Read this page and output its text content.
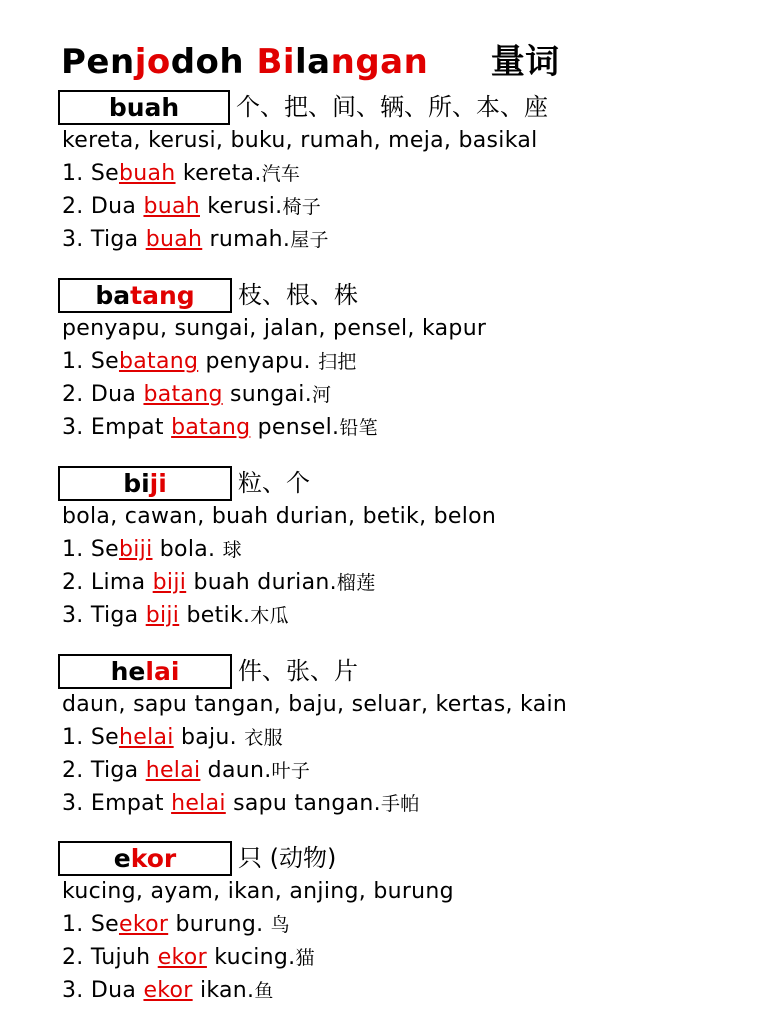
Penjodoh Bilangan 量词
buah	个、把、间、辆、所、本、座
kereta, kerusi, buku, rumah, meja, basikal
1. Sebuah kereta.汽车
2. Dua buah kerusi.椅子
3. Tiga buah rumah.屋子
batang	枝、根、株
penyapu, sungai, jalan, pensel, kapur
1. Sebatang penyapu. 扫把
2. Dua batang sungai.河
3. Empat batang pensel.铅笔
biji	粒、个
bola, cawan, buah durian, betik, belon
1. Sebiji bola. 球
2. Lima biji buah durian.榴莲
3. Tiga biji betik.木瓜
helai	件、张、片
daun, sapu tangan, baju, seluar, kertas, kain
1. Sehelai baju. 衣服
2. Tiga helai daun.叶子
3. Empat helai sapu tangan.手帕
ekor	只 (动物)
kucing, ayam, ikan, anjing, burung
1. Seekor burung. 鸟
2. Tujuh ekor kucing.猫
3. Dua ekor ikan.鱼
